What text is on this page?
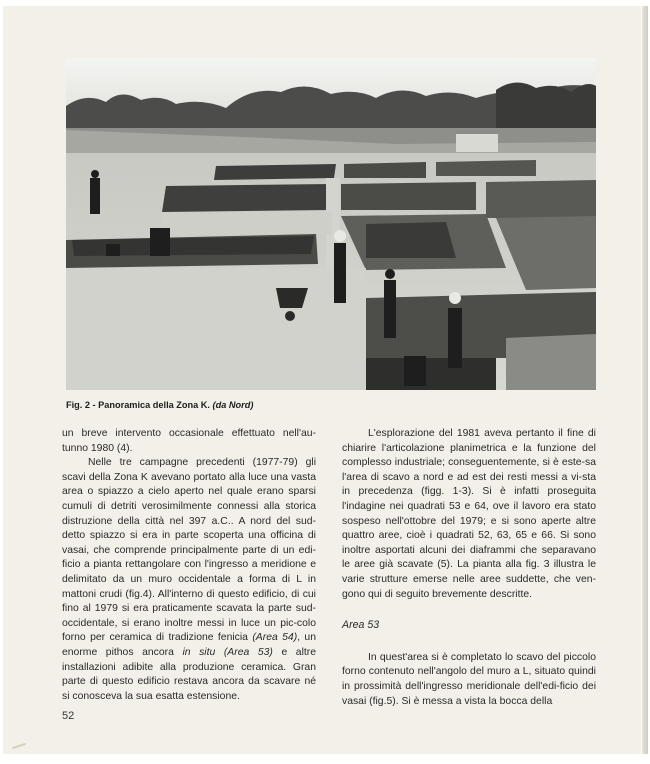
Fig. 2 - Panoramica della Zona K. (da Nord)

un breve intervento occasionale effettuato nell'au-tunno 1980 (4).

Nelle tre campagne precedenti (1977-79) gli scavi della Zona K avevano portato alla luce una vasta area o spiazzo a cielo aperto nel quale erano sparsi cumuli di detriti verosimilmente connessi alla storica distruzione della città nel 397 a.C.. A nord del sud-detto spiazzo si era in parte scoperta una officina di vasai, che comprende principalmente parte di un edi-ficio a pianta rettangolare con l'ingresso a meridione e delimitato da un muro occidentale a forma di L in mattoni crudi (fig.4). All'interno di questo edificio, di cui fino al 1979 si era praticamente scavata la parte sud-occidentale, si erano inoltre messi in luce un pic-colo forno per ceramica di tradizione fenicia (Area 54), un enorme pithos ancora in situ (Area 53) e altre installazioni adibite alla produzione ceramica. Gran parte di questo edificio restava ancora da scavare né si conosceva la sua esatta estensione.

L'esplorazione del 1981 aveva pertanto il fine di chiarire l'articolazione planimetrica e la funzione del complesso industriale; conseguentemente, si è este-sa l'area di scavo a nord e ad est dei resti messi a vi-sta in precedenza (figg. 1-3). Si è infatti proseguita l'indagine nei quadrati 53 e 64, ove il lavoro era stato sospeso nell'ottobre del 1979; e si sono aperte altre quattro aree, cioè i quadrati 52, 63, 65 e 66. Si sono inoltre asportati alcuni dei diaframmi che separavano le aree già scavate (5). La pianta alla fig. 3 illustra le varie strutture emerse nelle aree suddette, che ven-gono qui di seguito brevemente descritte.

Area 53

In quest'area si è completato lo scavo del piccolo forno contenuto nell'angolo del muro a L, situato quindi in prossimità dell'ingresso meridionale dell'edi-ficio dei vasai (fig.5). Si è messa a vista la bocca della

52
